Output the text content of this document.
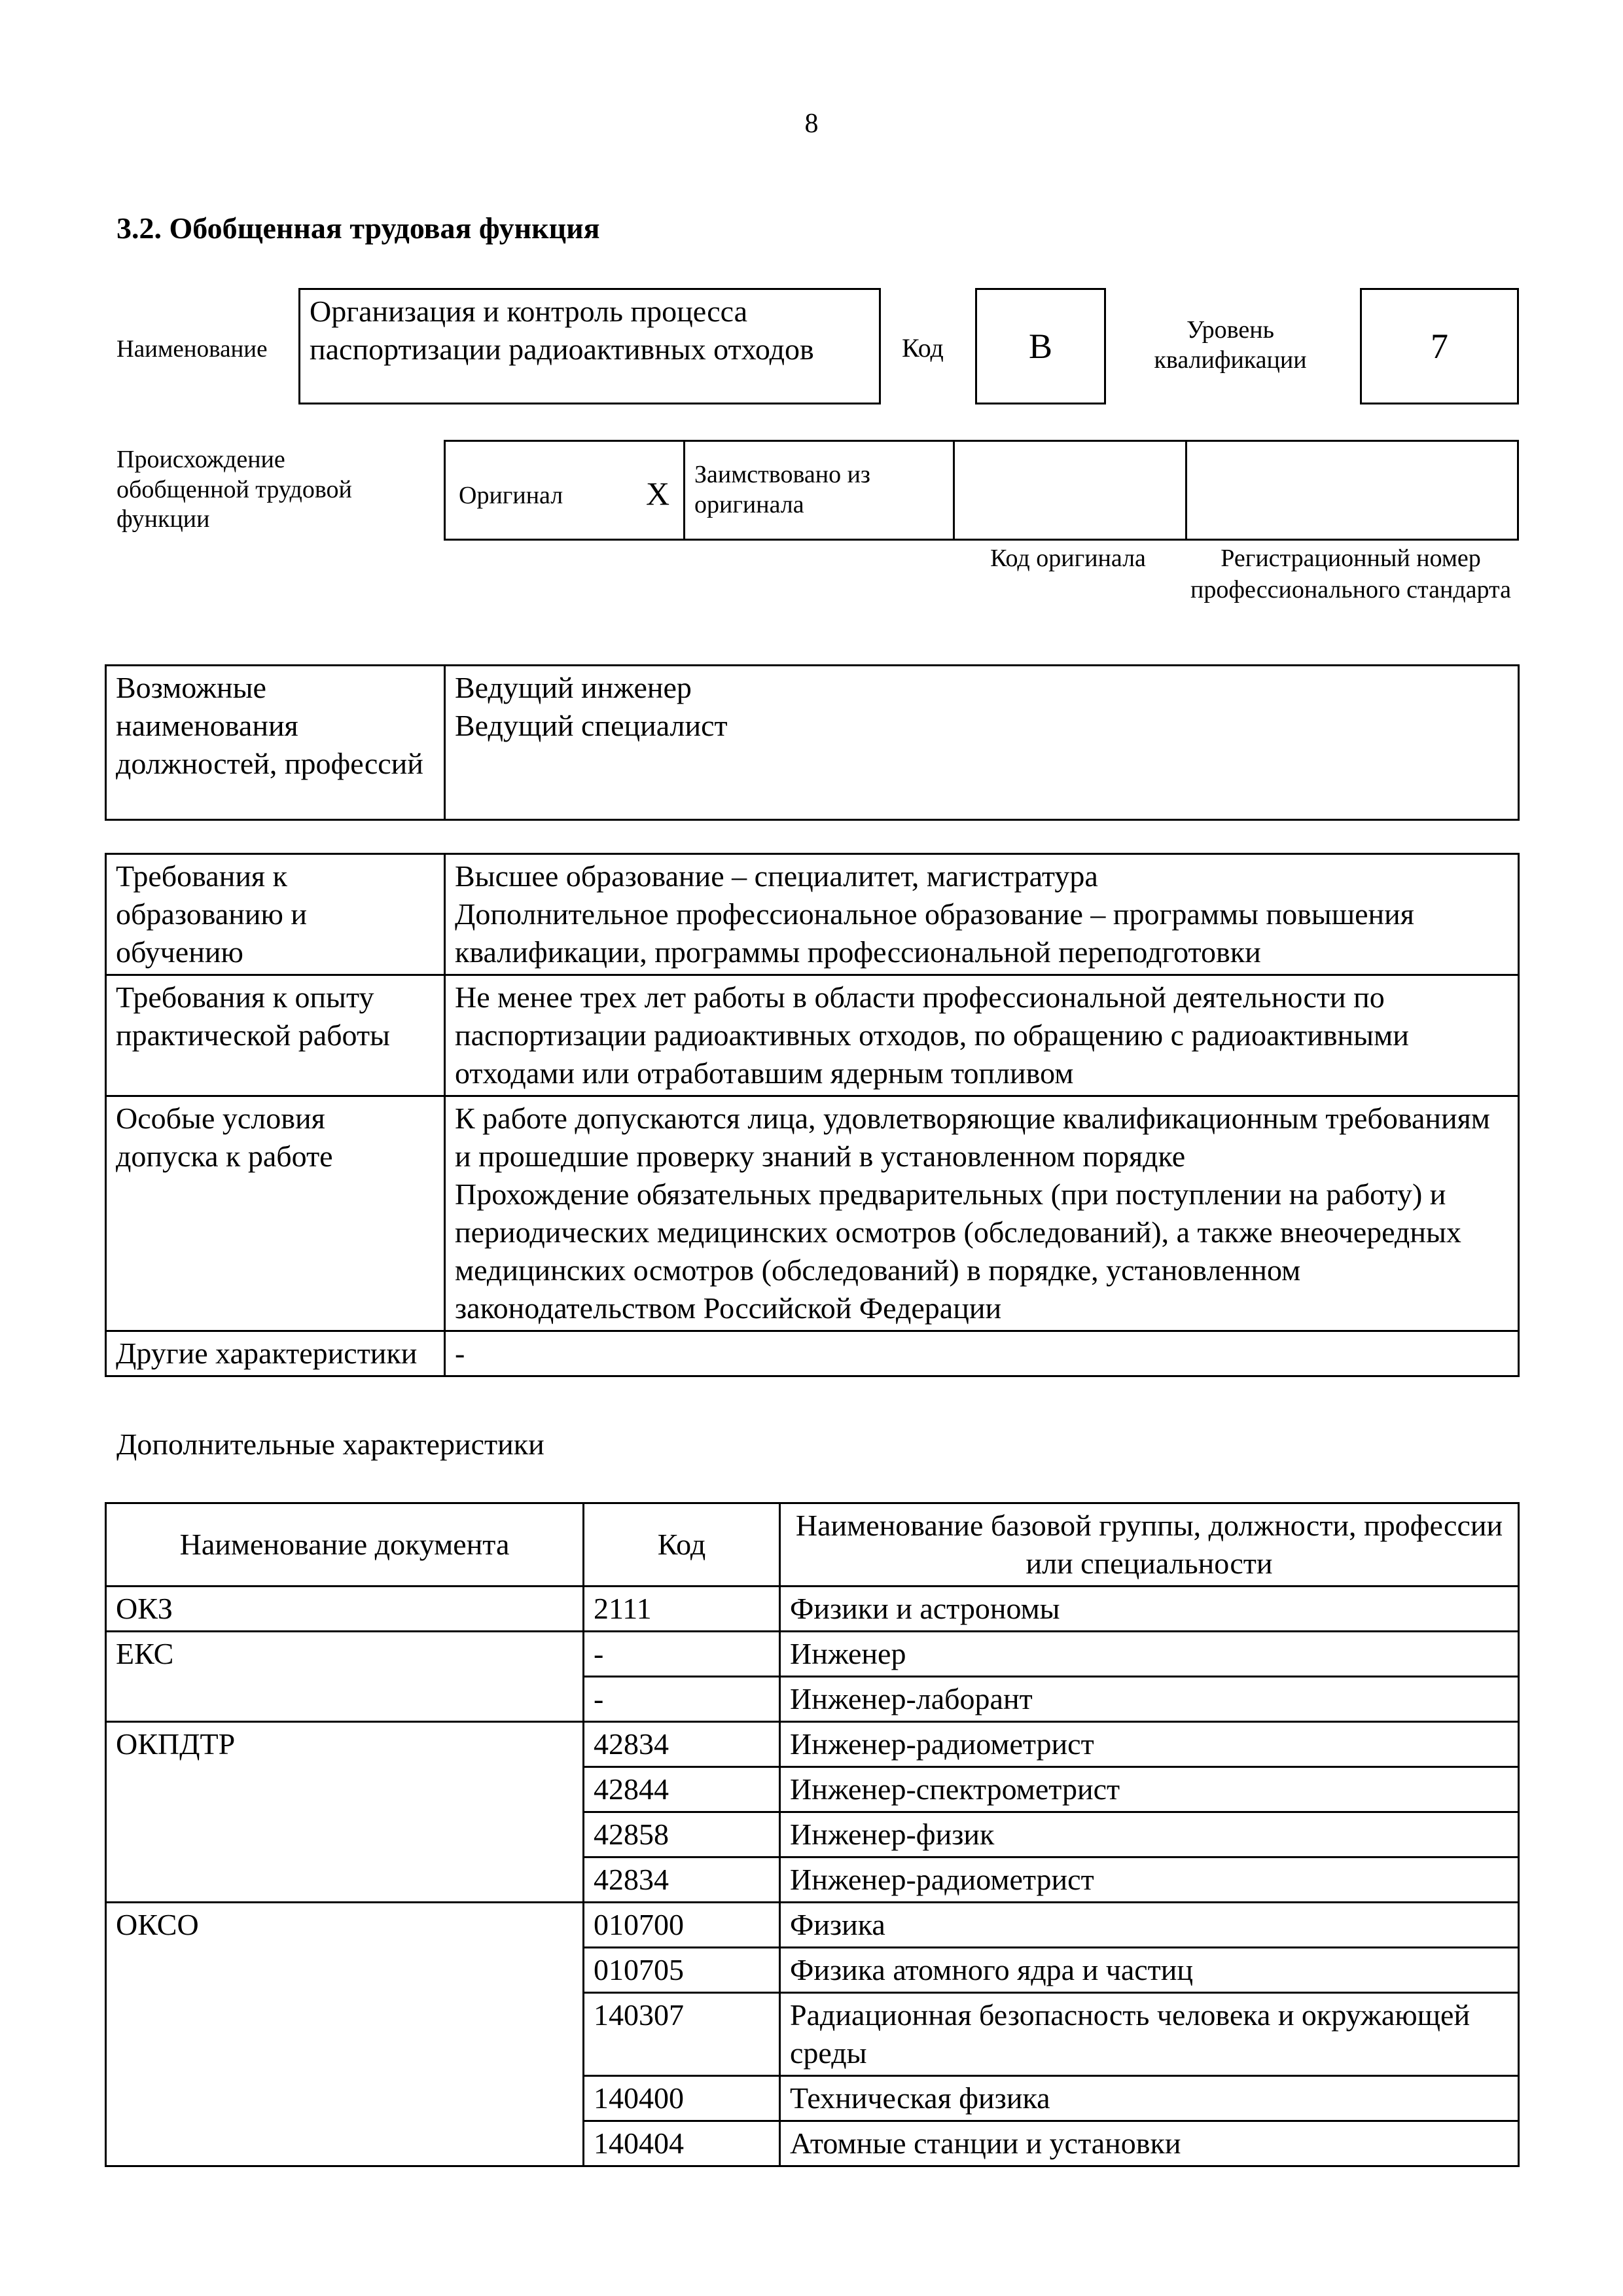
8
3.2. Обобщенная трудовая функция
Наименование
Организация и контроль процесса паспортизации радиоактивных отходов	Код B	Уровень
квалификации	7
Происхождение обобщенной трудовой функции
Оригинал	X
Заимствовано из оригинала
Код оригинала	Регистрационный номер профессионального стандарта
Возможные наименования должностей, профессий	
Ведущий инженер
Ведущий специалист
Требования к образованию и обучению	Высшее образование – специалитет, магистратура
Дополнительное профессиональное образование – программы повышения квалификации, программы профессиональной переподготовки

Требования к опыту практической работы	Не менее трех лет работы в области профессиональной деятельности по паспортизации радиоактивных отходов, по обращению с радиоактивными отходами или отработавшим ядерным топливом

Особые условия допуска к работе	К работе допускаются лица, удовлетворяющие квалификационным требованиям и прошедшие проверку знаний в установленном порядке
Прохождение обязательных предварительных (при поступлении на работу) и периодических медицинских осмотров (обследований), а также внеочередных медицинских осмотров (обследований) в порядке, установленном законодательством Российской Федерации

Другие характеристики	-
Дополнительные характеристики
Наименование документа	Код	Наименование базовой группы, должности, профессии или специальности
ОКЗ	2111	Физики и астрономы
ЕКС	-	Инженер
	-	Инженер-лаборант
ОКПДТР	42834	Инженер-радиометрист
	42844	Инженер-спектрометрист
	42858	Инженер-физик
	42834	Инженер-радиометрист
ОКСО	010700	Физика
	010705	Физика атомного ядра и частиц
	140307	Радиационная безопасность человека и окружающей среды
	140400	Техническая физика
	140404	Атомные станции и установки
